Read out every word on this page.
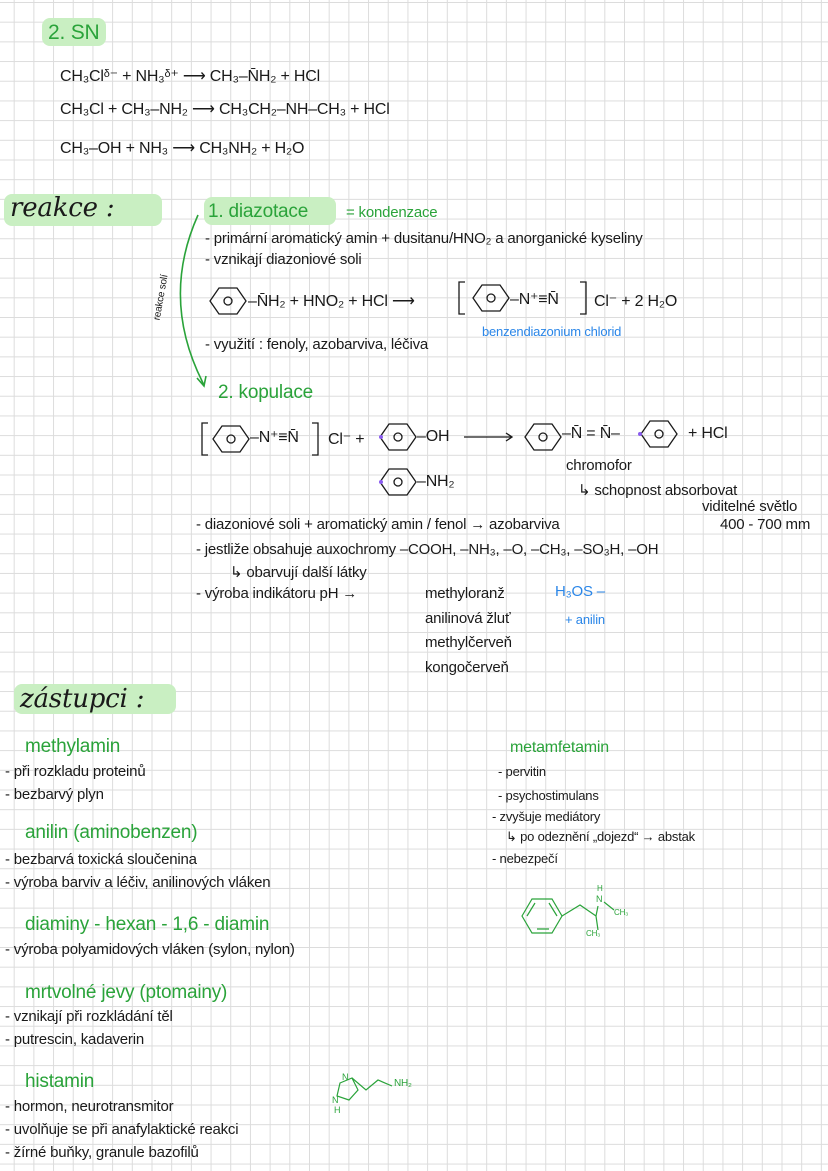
2. SN
CH₃Clᵟ⁻ + NH₃ᵟ⁺ ⟶ CH₃–N̄H₂ + HCl
CH₃Cl + CH₃–NH₂ ⟶ CH₃CH₂–NH–CH₃ + HCl
CH₃–OH + NH₃ ⟶ CH₃NH₂ + H₂O
reakce :
reakce solí
1. diazotace	= kondenzace
- primární aromatický amin + dusitanu/HNO₂ a anorganické kyseliny
- vznikají diazoniové soli
–N̄H₂ + HNO₂ + HCl ⟶	–N⁺≡N̄ Cl⁻ + 2 H₂O
benzendiazonium chlorid
- využití : fenoly, azobarviva, léčiva
2. kopulace
–N⁺≡N̄ Cl⁻ +	–OH	–N̄ = N̄–	+ HCl
–NH₂
chromofor
↳ schopnost absorbovat
viditelné světlo
400 - 700 mm
- diazoniové soli + aromatický amin / fenol → azobarviva
- jestliže obsahuje auxochromy –COOH, –NH₃, –O, –CH₃, –SO₃H, –OH
↳ obarvují další látky
- výroba indikátoru pH →	methyloranž
anilinová žluť
methylčerveň
kongočerveň
H₃OS –
+ anilin
zástupci :
methylamin
- při rozkladu proteinů
- bezbarvý plyn
anilin (aminobenzen)
- bezbarvá toxická sloučenina
- výroba barviv a léčiv, anilinových vláken
diaminy - hexan - 1,6 - diamin
- výroba polyamidových vláken (sylon, nylon)
mrtvolné jevy (ptomainy)
- vznikají při rozkládání těl
- putrescin, kadaverin
histamin
- hormon, neurotransmitor
- uvolňuje se při anafylaktické reakci
- žírné buňky, granule bazofilů
N
N
H
NH₂
metamfetamin
- pervitin
- psychostimulans
- zvyšuje mediátory
↳ po odeznění „dojezd“ → abstak
- nebezpečí
H
N
CH₃
CH₃
